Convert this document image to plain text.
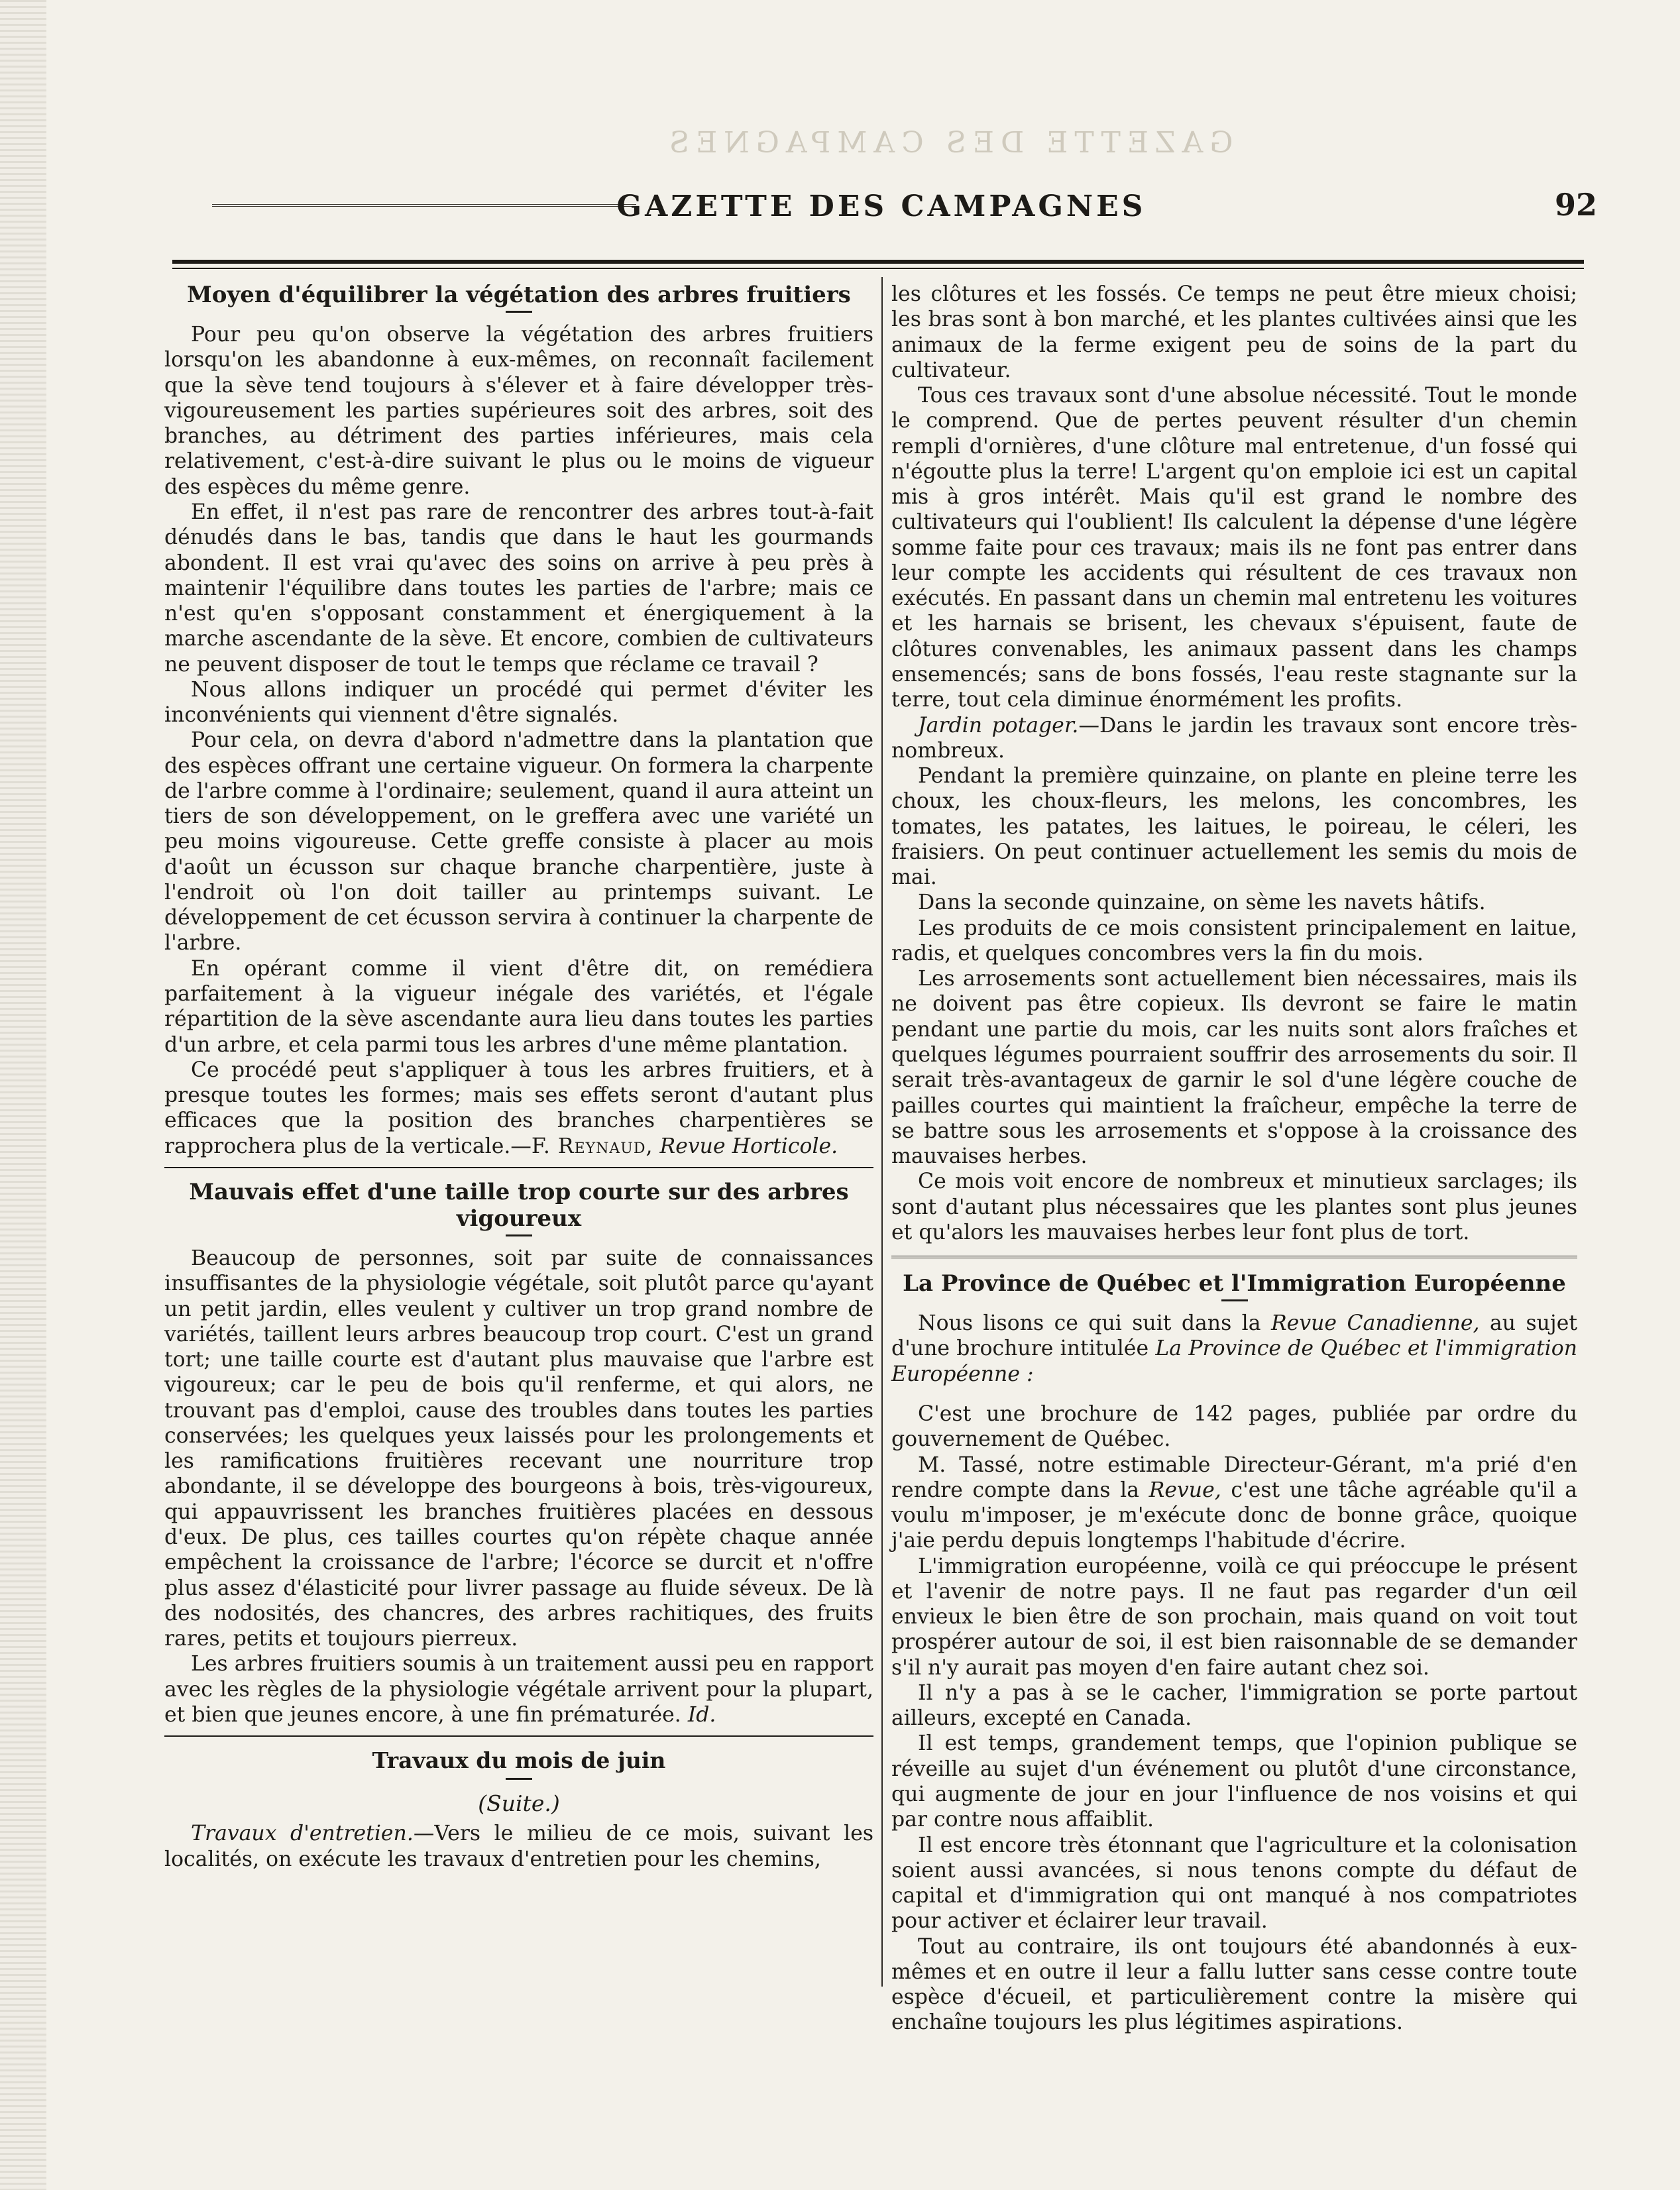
GAZETTE DES CAMPAGNES
GAZETTE DES CAMPAGNES	92
Moyen d'équilibrer la végétation des arbres fruitiers

Pour peu qu'on observe la végétation des arbres fruitiers lorsqu'on les abandonne à eux-mêmes, on reconnaît facilement que la sève tend toujours à s'élever et à faire développer très-vigoureusement les parties supérieures soit des arbres, soit des branches, au détriment des parties inférieures, mais cela relativement, c'est-à-dire suivant le plus ou le moins de vigueur des espèces du même genre.

En effet, il n'est pas rare de rencontrer des arbres tout-à-fait dénudés dans le bas, tandis que dans le haut les gourmands abondent. Il est vrai qu'avec des soins on arrive à peu près à maintenir l'équilibre dans toutes les parties de l'arbre; mais ce n'est qu'en s'opposant constamment et énergiquement à la marche ascendante de la sève. Et encore, combien de cultivateurs ne peuvent disposer de tout le temps que réclame ce travail ?

Nous allons indiquer un procédé qui permet d'éviter les inconvénients qui viennent d'être signalés.

Pour cela, on devra d'abord n'admettre dans la plantation que des espèces offrant une certaine vigueur. On formera la charpente de l'arbre comme à l'ordinaire; seulement, quand il aura atteint un tiers de son développement, on le greffera avec une variété un peu moins vigoureuse. Cette greffe consiste à placer au mois d'août un écusson sur chaque branche charpentière, juste à l'endroit où l'on doit tailler au printemps suivant. Le développement de cet écusson servira à continuer la charpente de l'arbre.

En opérant comme il vient d'être dit, on remédiera parfaitement à la vigueur inégale des variétés, et l'égale répartition de la sève ascendante aura lieu dans toutes les parties d'un arbre, et cela parmi tous les arbres d'une même plantation.

Ce procédé peut s'appliquer à tous les arbres fruitiers, et à presque toutes les formes; mais ses effets seront d'autant plus efficaces que la position des branches charpentières se rapprochera plus de la verticale.—F. Reynaud, Revue Horticole.

Mauvais effet d'une taille trop courte sur des arbres vigoureux

Beaucoup de personnes, soit par suite de connaissances insuffisantes de la physiologie végétale, soit plutôt parce qu'ayant un petit jardin, elles veulent y cultiver un trop grand nombre de variétés, taillent leurs arbres beaucoup trop court. C'est un grand tort; une taille courte est d'autant plus mauvaise que l'arbre est vigoureux; car le peu de bois qu'il renferme, et qui alors, ne trouvant pas d'emploi, cause des troubles dans toutes les parties conservées; les quelques yeux laissés pour les prolongements et les ramifications fruitières recevant une nourriture trop abondante, il se développe des bourgeons à bois, très-vigoureux, qui appauvrissent les branches fruitières placées en dessous d'eux. De plus, ces tailles courtes qu'on répète chaque année empêchent la croissance de l'arbre; l'écorce se durcit et n'offre plus assez d'élasticité pour livrer passage au fluide séveux. De là des nodosités, des chancres, des arbres rachitiques, des fruits rares, petits et toujours pierreux.

Les arbres fruitiers soumis à un traitement aussi peu en rapport avec les règles de la physiologie végétale arrivent pour la plupart, et bien que jeunes encore, à une fin prématurée. Id.

Travaux du mois de juin
(Suite.)

Travaux d'entretien.—Vers le milieu de ce mois, suivant les localités, on exécute les travaux d'entretien pour les chemins,

les clôtures et les fossés. Ce temps ne peut être mieux choisi; les bras sont à bon marché, et les plantes cultivées ainsi que les animaux de la ferme exigent peu de soins de la part du cultivateur.

Tous ces travaux sont d'une absolue nécessité. Tout le monde le comprend. Que de pertes peuvent résulter d'un chemin rempli d'ornières, d'une clôture mal entretenue, d'un fossé qui n'égoutte plus la terre! L'argent qu'on emploie ici est un capital mis à gros intérêt. Mais qu'il est grand le nombre des cultivateurs qui l'oublient! Ils calculent la dépense d'une légère somme faite pour ces travaux; mais ils ne font pas entrer dans leur compte les accidents qui résultent de ces travaux non exécutés. En passant dans un chemin mal entretenu les voitures et les harnais se brisent, les chevaux s'épuisent, faute de clôtures convenables, les animaux passent dans les champs ensemencés; sans de bons fossés, l'eau reste stagnante sur la terre, tout cela diminue énormément les profits.

Jardin potager.—Dans le jardin les travaux sont encore très-nombreux.

Pendant la première quinzaine, on plante en pleine terre les choux, les choux-fleurs, les melons, les concombres, les tomates, les patates, les laitues, le poireau, le céleri, les fraisiers. On peut continuer actuellement les semis du mois de mai.

Dans la seconde quinzaine, on sème les navets hâtifs.

Les produits de ce mois consistent principalement en laitue, radis, et quelques concombres vers la fin du mois.

Les arrosements sont actuellement bien nécessaires, mais ils ne doivent pas être copieux. Ils devront se faire le matin pendant une partie du mois, car les nuits sont alors fraîches et quelques légumes pourraient souffrir des arrosements du soir. Il serait très-avantageux de garnir le sol d'une légère couche de pailles courtes qui maintient la fraîcheur, empêche la terre de se battre sous les arrosements et s'oppose à la croissance des mauvaises herbes.

Ce mois voit encore de nombreux et minutieux sarclages; ils sont d'autant plus nécessaires que les plantes sont plus jeunes et qu'alors les mauvaises herbes leur font plus de tort.

La Province de Québec et l'Immigration Européenne

Nous lisons ce qui suit dans la Revue Canadienne, au sujet d'une brochure intitulée La Province de Québec et l'immigration Européenne :

C'est une brochure de 142 pages, publiée par ordre du gouvernement de Québec.

M. Tassé, notre estimable Directeur-Gérant, m'a prié d'en rendre compte dans la Revue, c'est une tâche agréable qu'il a voulu m'imposer, je m'exécute donc de bonne grâce, quoique j'aie perdu depuis longtemps l'habitude d'écrire.

L'immigration européenne, voilà ce qui préoccupe le présent et l'avenir de notre pays. Il ne faut pas regarder d'un œil envieux le bien être de son prochain, mais quand on voit tout prospérer autour de soi, il est bien raisonnable de se demander s'il n'y aurait pas moyen d'en faire autant chez soi.

Il n'y a pas à se le cacher, l'immigration se porte partout ailleurs, excepté en Canada.

Il est temps, grandement temps, que l'opinion publique se réveille au sujet d'un événement ou plutôt d'une circonstance, qui augmente de jour en jour l'influence de nos voisins et qui par contre nous affaiblit.

Il est encore très étonnant que l'agriculture et la colonisation soient aussi avancées, si nous tenons compte du défaut de capital et d'immigration qui ont manqué à nos compatriotes pour activer et éclairer leur travail.

Tout au contraire, ils ont toujours été abandonnés à eux-mêmes et en outre il leur a fallu lutter sans cesse contre toute espèce d'écueil, et particulièrement contre la misère qui enchaîne toujours les plus légitimes aspirations.
